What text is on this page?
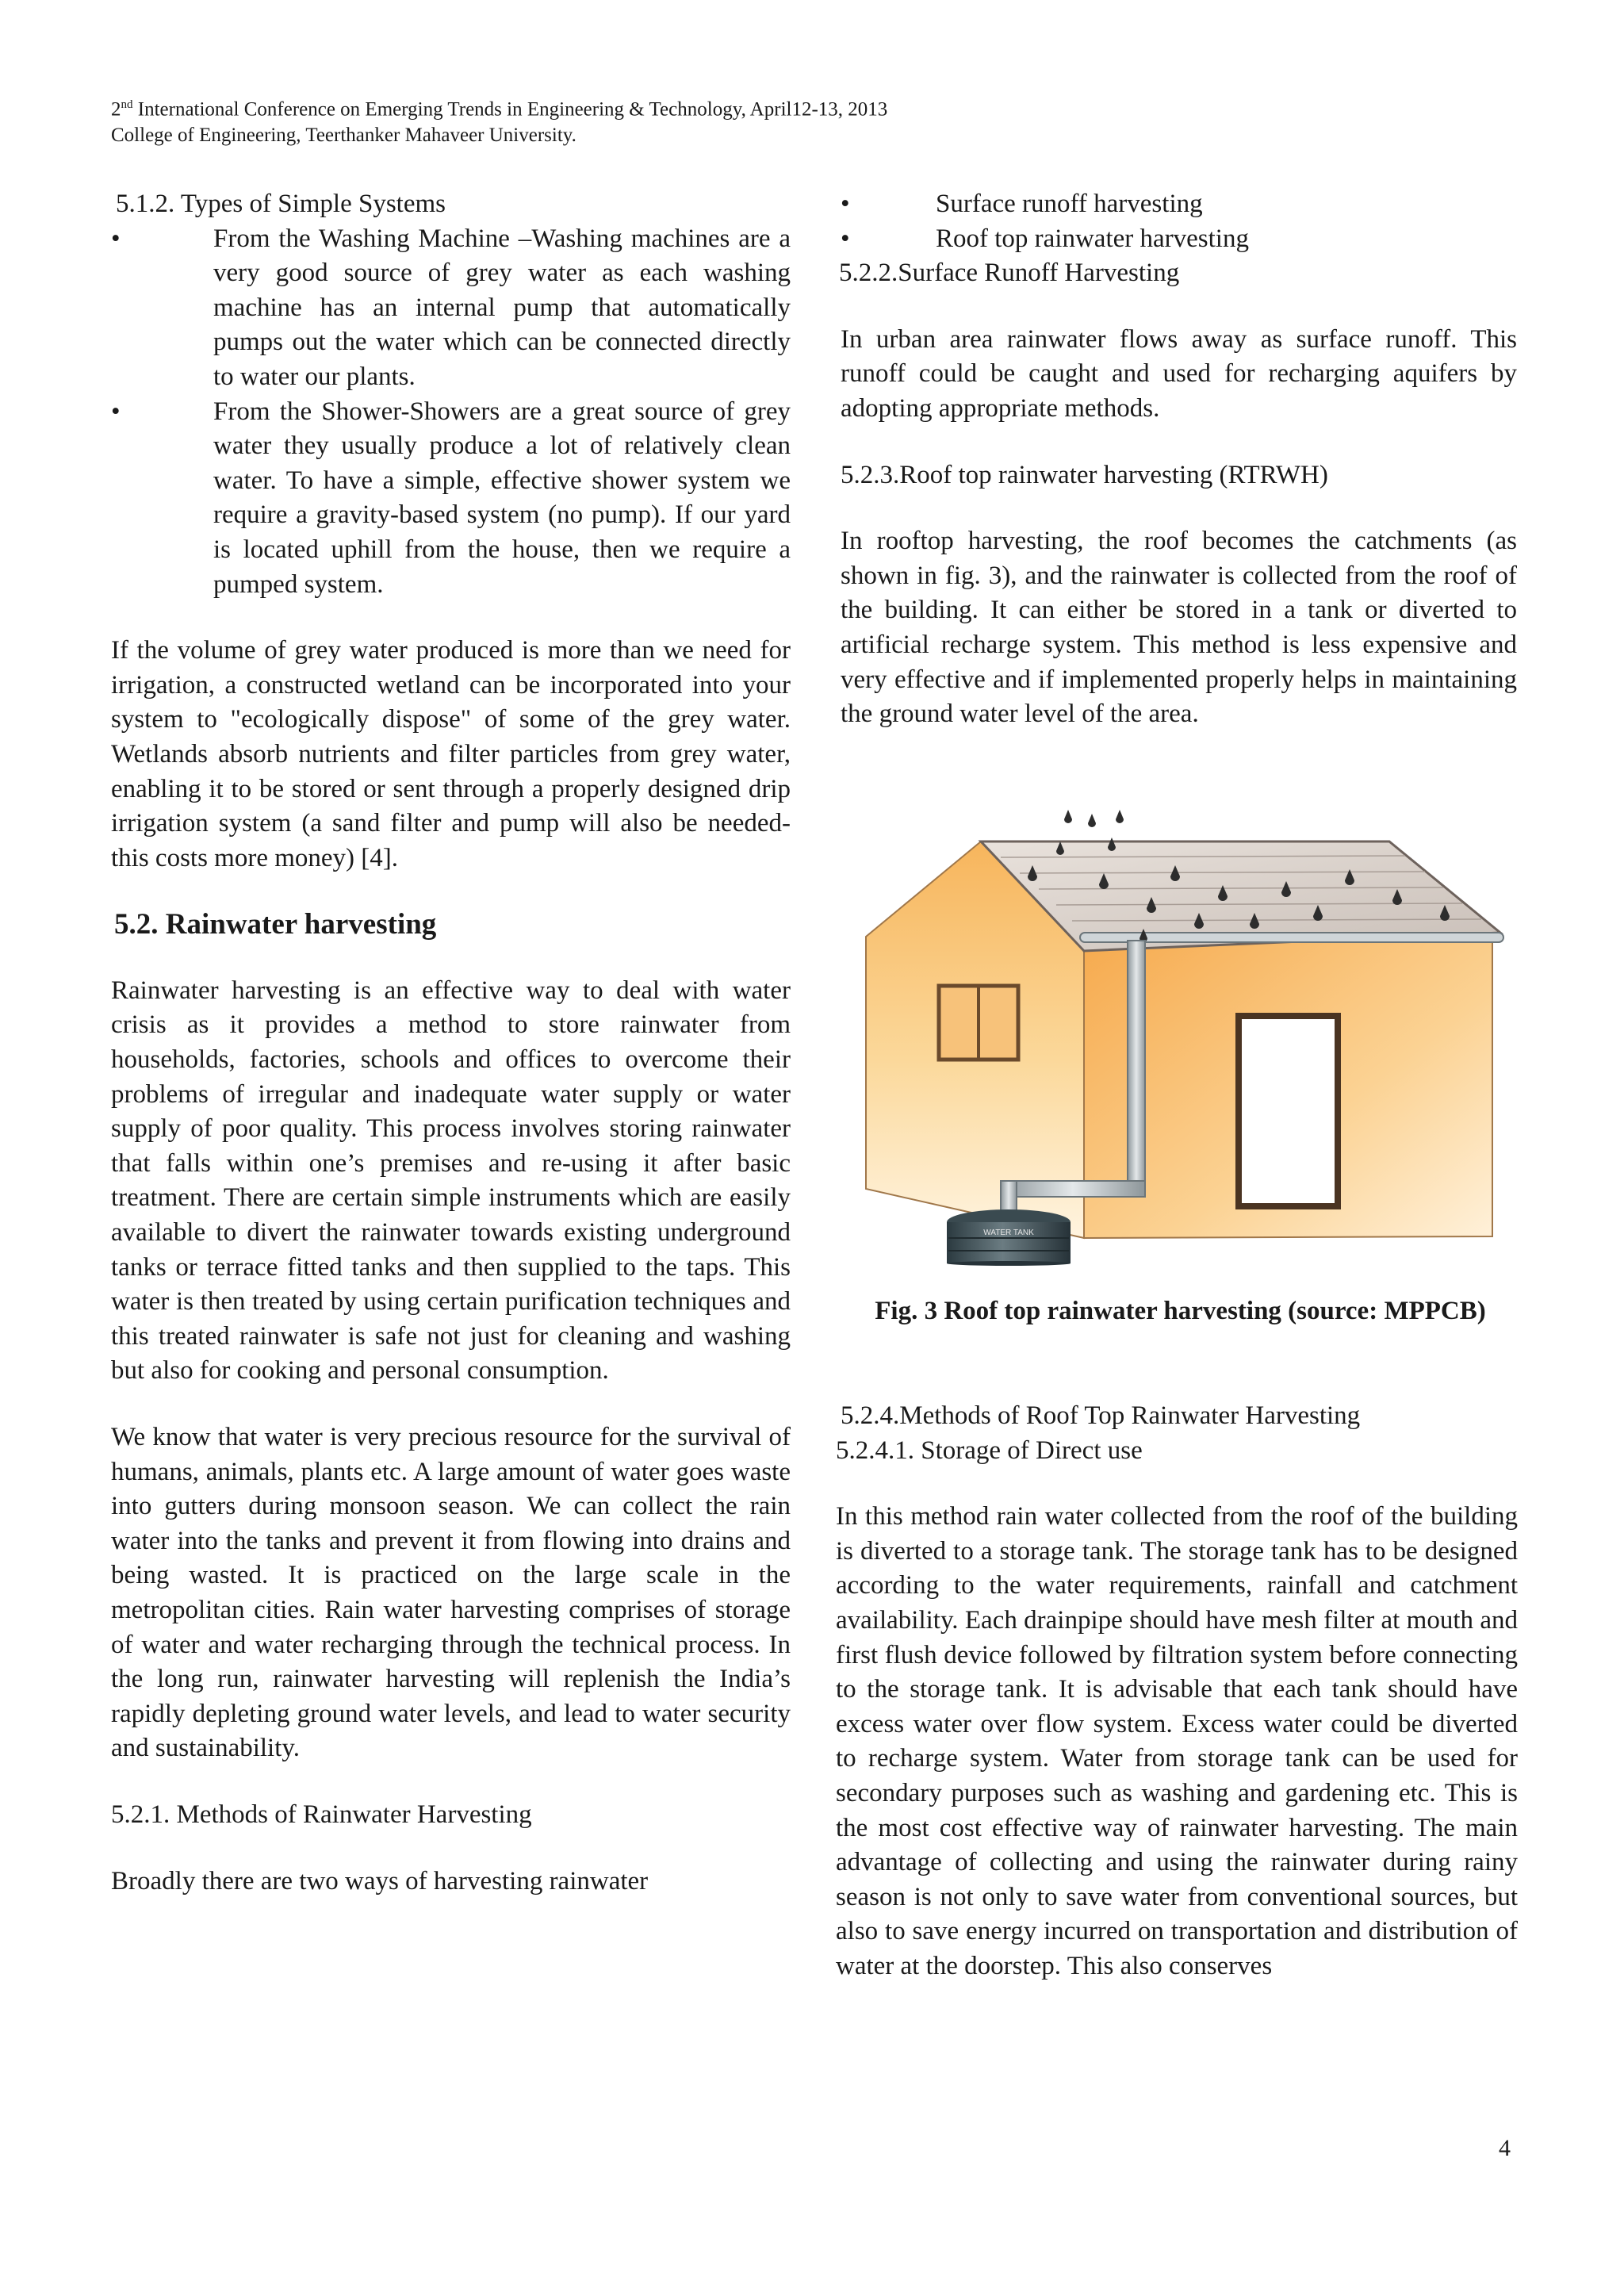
2nd International Conference on Emerging Trends in Engineering & Technology, April12-13, 2013
College of Engineering, Teerthanker Mahaveer University.

5.1.2. Types of Simple Systems

•	From the Washing Machine –Washing machines are a very good source of grey water as each washing machine has an internal pump that automatically pumps out the water which can be connected directly to water our plants.
•	From the Shower-Showers are a great source of grey water they usually produce a lot of relatively clean water. To have a simple, effective shower system we require a gravity-based system (no pump). If our yard is located uphill from the house, then we require a pumped system.

If the volume of grey water produced is more than we need for irrigation, a constructed wetland can be incorporated into your system to "ecologically dispose" of some of the grey water. Wetlands absorb nutrients and filter particles from grey water, enabling it to be stored or sent through a properly designed drip irrigation system (a sand filter and pump will also be needed- this costs more money) [4].

5.2. Rainwater harvesting

Rainwater harvesting is an effective way to deal with water crisis as it provides a method to store rainwater from households, factories, schools and offices to overcome their problems of irregular and inadequate water supply or water supply of poor quality. This process involves storing rainwater that falls within one’s premises and re-using it after basic treatment. There are certain simple instruments which are easily available to divert the rainwater towards existing underground tanks or terrace fitted tanks and then supplied to the taps. This water is then treated by using certain purification techniques and this treated rainwater is safe not just for cleaning and washing but also for cooking and personal consumption.

We know that water is very precious resource for the survival of humans, animals, plants etc. A large amount of water goes waste into gutters during monsoon season. We can collect the rain water into the tanks and prevent it from flowing into drains and being wasted. It is practiced on the large scale in the metropolitan cities. Rain water harvesting comprises of storage of water and water recharging through the technical process. In the long run, rainwater harvesting will replenish the India’s rapidly depleting ground water levels, and lead to water security and sustainability.

5.2.1. Methods of Rainwater Harvesting

Broadly there are two ways of harvesting rainwater

•	Surface runoff harvesting
•	Roof top rainwater harvesting

5.2.2.Surface Runoff Harvesting

In urban area rainwater flows away as surface runoff. This runoff could be caught and used for recharging aquifers by adopting appropriate methods.

5.2.3.Roof top rainwater harvesting (RTRWH)

In rooftop harvesting, the roof becomes the catchments (as shown in fig. 3), and the rainwater is collected from the roof of the building. It can either be stored in a tank or diverted to artificial recharge system. This method is less expensive and very effective and if implemented properly helps in maintaining the ground water level of the area.

WATER TANK
Fig. 3 Roof top rainwater harvesting (source: MPPCB)

5.2.4.Methods of Roof Top Rainwater Harvesting

5.2.4.1. Storage of Direct use

In this method rain water collected from the roof of the building is diverted to a storage tank. The storage tank has to be designed according to the water requirements, rainfall and catchment availability. Each drainpipe should have mesh filter at mouth and first flush device followed by filtration system before connecting to the storage tank. It is advisable that each tank should have excess water over flow system. Excess water could be diverted to recharge system. Water from storage tank can be used for secondary purposes such as washing and gardening etc. This is the most cost effective way of rainwater harvesting. The main advantage of collecting and using the rainwater during rainy season is not only to save water from conventional sources, but also to save energy incurred on transportation and distribution of water at the doorstep. This also conserves

4
